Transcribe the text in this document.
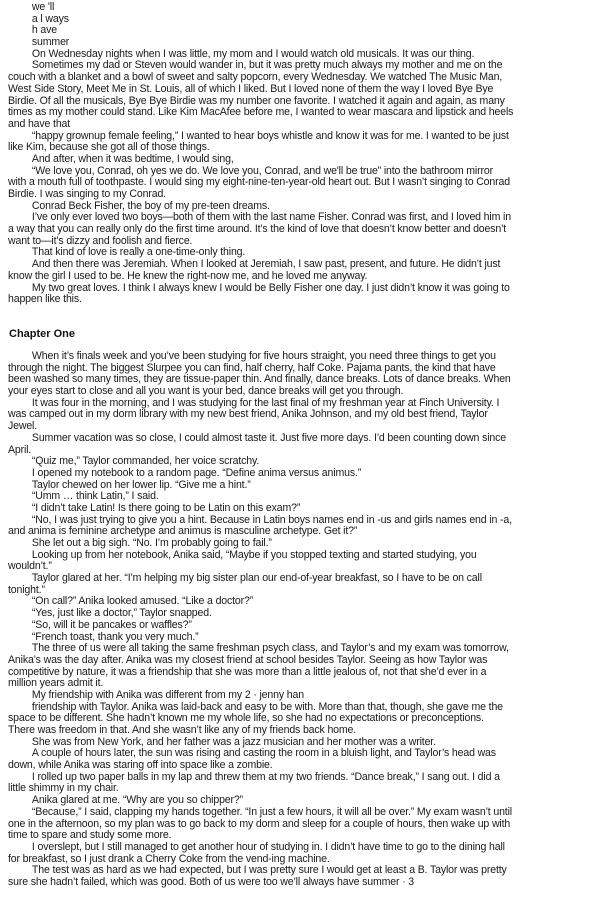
we 'll
a l ways
h ave
summer
On Wednesday nights when I was little, my mom and I would watch old musicals. It was our thing.
Sometimes my dad or Steven would wander in, but it was pretty much always my mother and me on the
couch with a blanket and a bowl of sweet and salty popcorn, every Wednesday. We watched The Music Man,
West Side Story, Meet Me in St. Louis, all of which I liked. But I loved none of them the way I loved Bye Bye
Birdie. Of all the musicals, Bye Bye Birdie was my number one favorite. I watched it again and again, as many
times as my mother could stand. Like Kim MacAfee before me, I wanted to wear mascara and lipstick and heels
and have that
“happy grownup female feeling,” I wanted to hear boys whistle and know it was for me. I wanted to be just
like Kim, because she got all of those things.
And after, when it was bedtime, I would sing,
“We love you, Conrad, oh yes we do. We love you, Conrad, and we'll be true” into the bathroom mirror
with a mouth full of toothpaste. I would sing my eight-nine-ten-year-old heart out. But I wasn’t singing to Conrad
Birdie. I was singing to my Conrad.
Conrad Beck Fisher, the boy of my pre-teen dreams.
I’ve only ever loved two boys—both of them with the last name Fisher. Conrad was first, and I loved him in
a way that you can really only do the first time around. It’s the kind of love that doesn’t know better and doesn’t
want to—it’s dizzy and foolish and fierce.
That kind of love is really a one-time-only thing.
And then there was Jeremiah. When I looked at Jeremiah, I saw past, present, and future. He didn’t just
know the girl I used to be. He knew the right-now me, and he loved me anyway.
My two great loves. I think I always knew I would be Belly Fisher one day. I just didn’t know it was going to
happen like this.
Chapter One
When it’s finals week and you’ve been studying for five hours straight, you need three things to get you
through the night. The biggest Slurpee you can find, half cherry, half Coke. Pajama pants, the kind that have
been washed so many times, they are tissue-paper thin. And finally, dance breaks. Lots of dance breaks. When
your eyes start to close and all you want is your bed, dance breaks will get you through.
It was four in the morning, and I was studying for the last final of my freshman year at Finch University. I
was camped out in my dorm library with my new best friend, Anika Johnson, and my old best friend, Taylor
Jewel.
Summer vacation was so close, I could almost taste it. Just five more days. I’d been counting down since
April.
“Quiz me,” Taylor commanded, her voice scratchy.
I opened my notebook to a random page. “Define anima versus animus.”
Taylor chewed on her lower lip. “Give me a hint.”
“Umm … think Latin,” I said.
“I didn’t take Latin! Is there going to be Latin on this exam?”
“No, I was just trying to give you a hint. Because in Latin boys names end in -us and girls names end in -a,
and anima is feminine archetype and animus is masculine archetype. Get it?”
She let out a big sigh. “No. I’m probably going to fail.”
Looking up from her notebook, Anika said, “Maybe if you stopped texting and started studying, you
wouldn’t.”
Taylor glared at her. “I’m helping my big sister plan our end-of-year breakfast, so I have to be on call
tonight.”
“On call?” Anika looked amused. “Like a doctor?”
“Yes, just like a doctor,” Taylor snapped.
“So, will it be pancakes or waffles?”
“French toast, thank you very much.”
The three of us were all taking the same freshman psych class, and Taylor’s and my exam was tomorrow,
Anika’s was the day after. Anika was my closest friend at school besides Taylor. Seeing as how Taylor was
competitive by nature, it was a friendship that she was more than a little jealous of, not that she’d ever in a
million years admit it.
My friendship with Anika was different from my 2 · jenny han
friendship with Taylor. Anika was laid-back and easy to be with. More than that, though, she gave me the
space to be different. She hadn’t known me my whole life, so she had no expectations or preconceptions.
There was freedom in that. And she wasn’t like any of my friends back home.
She was from New York, and her father was a jazz musician and her mother was a writer.
A couple of hours later, the sun was rising and casting the room in a bluish light, and Taylor’s head was
down, while Anika was staring off into space like a zombie.
I rolled up two paper balls in my lap and threw them at my two friends. “Dance break,” I sang out. I did a
little shimmy in my chair.
Anika glared at me. “Why are you so chipper?”
“Because,” I said, clapping my hands together. “In just a few hours, it will all be over.” My exam wasn’t until
one in the afternoon, so my plan was to go back to my dorm and sleep for a couple of hours, then wake up with
time to spare and study some more.
I overslept, but I still managed to get another hour of studying in. I didn’t have time to go to the dining hall
for breakfast, so I just drank a Cherry Coke from the vend-ing machine.
The test was as hard as we had expected, but I was pretty sure I would get at least a B. Taylor was pretty
sure she hadn’t failed, which was good. Both of us were too we’ll always have summer · 3
